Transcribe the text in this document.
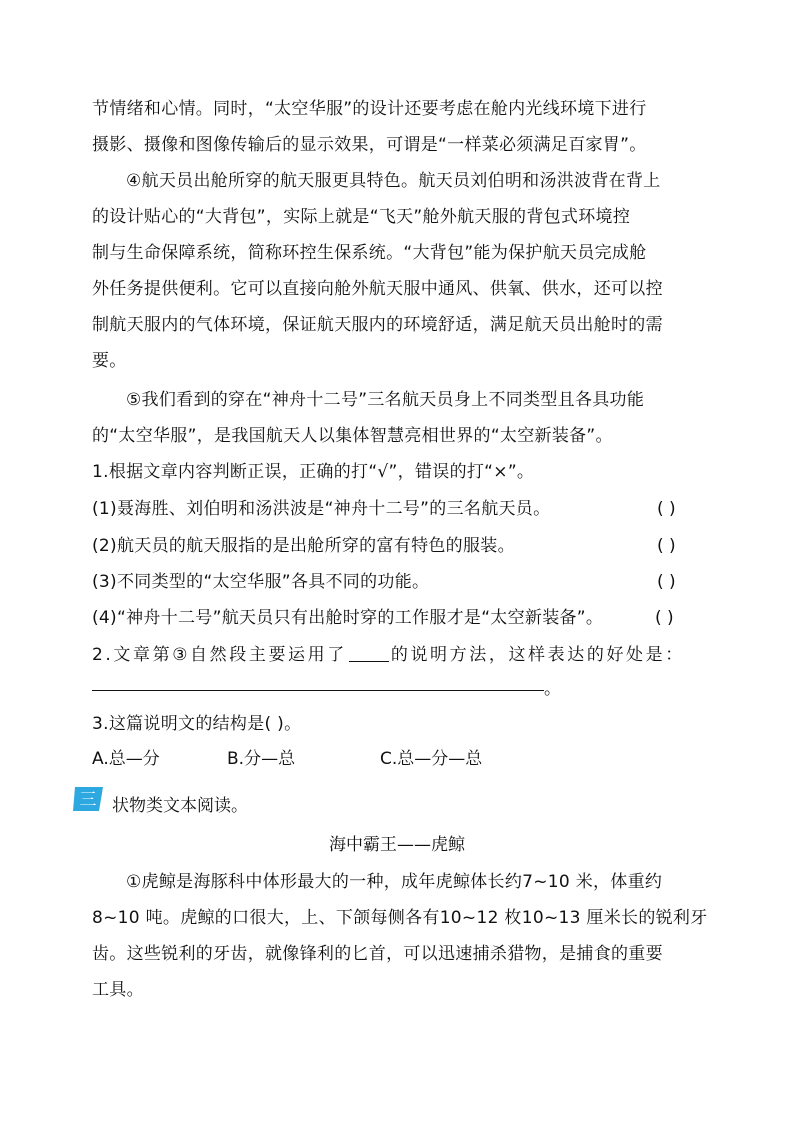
节情绪和心情。同时，“太空华服”的设计还要考虑在舱内光线环境下进行
摄影、摄像和图像传输后的显示效果，可谓是“一样菜必须满足百家胃”。
④航天员出舱所穿的航天服更具特色。航天员刘伯明和汤洪波背在背上
的设计贴心的“大背包”，实际上就是“飞天”舱外航天服的背包式环境控
制与生命保障系统，简称环控生保系统。“大背包”能为保护航天员完成舱
外任务提供便利。它可以直接向舱外航天服中通风、供氧、供水，还可以控
制航天服内的气体环境，保证航天服内的环境舒适，满足航天员出舱时的需
要。
⑤我们看到的穿在“神舟十二号”三名航天员身上不同类型且各具功能
的“太空华服”，是我国航天人以集体智慧亮相世界的“太空新装备”。
1.根据文章内容判断正误，正确的打“√”，错误的打“×”。
(1)聂海胜、刘伯明和汤洪波是“神舟十二号”的三名航天员。	( )
(2)航天员的航天服指的是出舱所穿的富有特色的服装。	( )
(3)不同类型的“太空华服”各具不同的功能。	( )
(4)“神舟十二号”航天员只有出舱时穿的工作服才是“太空新装备”。	( )
2.文章第③自然段主要运用了	的说明方法，这样表达的好处是：
。
3.这篇说明文的结构是( )。
A.总—分	B.分—总	C.总—分—总
三 状物类文本阅读。
海中霸王——虎鲸
①虎鲸是海豚科中体形最大的一种，成年虎鲸体长约7~10 米，体重约
8~10 吨。虎鲸的口很大，上、下颌每侧各有10~12 枚10~13 厘米长的锐利牙
齿。这些锐利的牙齿，就像锋利的匕首，可以迅速捕杀猎物，是捕食的重要
工具。
